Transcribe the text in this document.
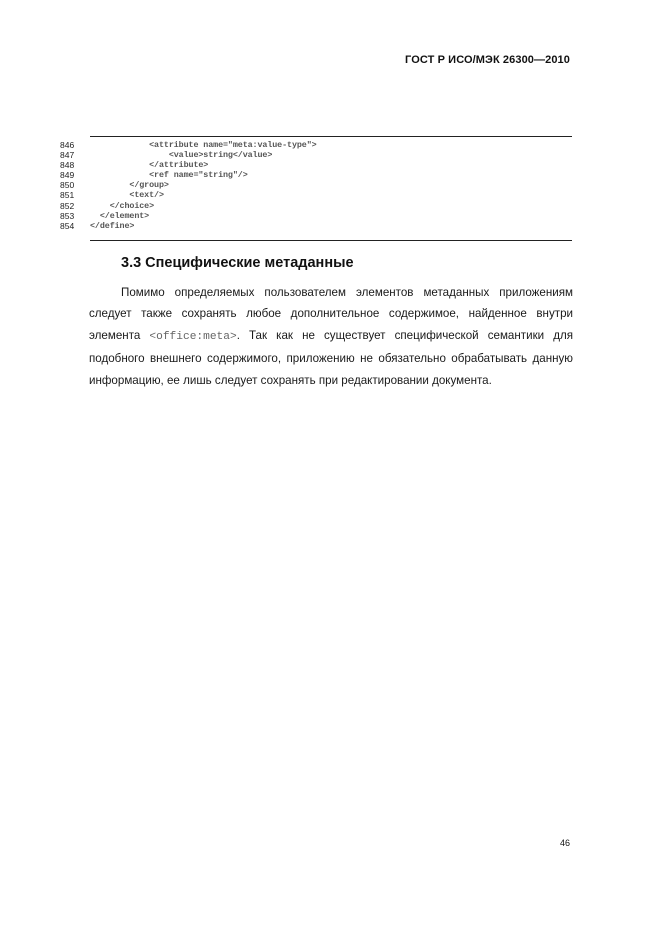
ГОСТ Р ИСО/МЭК 26300—2010
846	<attribute name="meta:value-type">
847	<value>string</value>
848	</attribute>
849	<ref name="string"/>
850	</group>
851	<text/>
852	</choice>
853	</element>
854	</define>
3.3 Специфические метаданные
Помимо определяемых пользователем элементов метаданных приложениям следует также сохранять любое дополнительное содержимое, найденное внутри элемента <office:meta>. Так как не существует специфической семантики для подобного внешнего содержимого, приложению не обязательно обрабатывать данную информацию, ее лишь следует сохранять при редактировании документа.
46
